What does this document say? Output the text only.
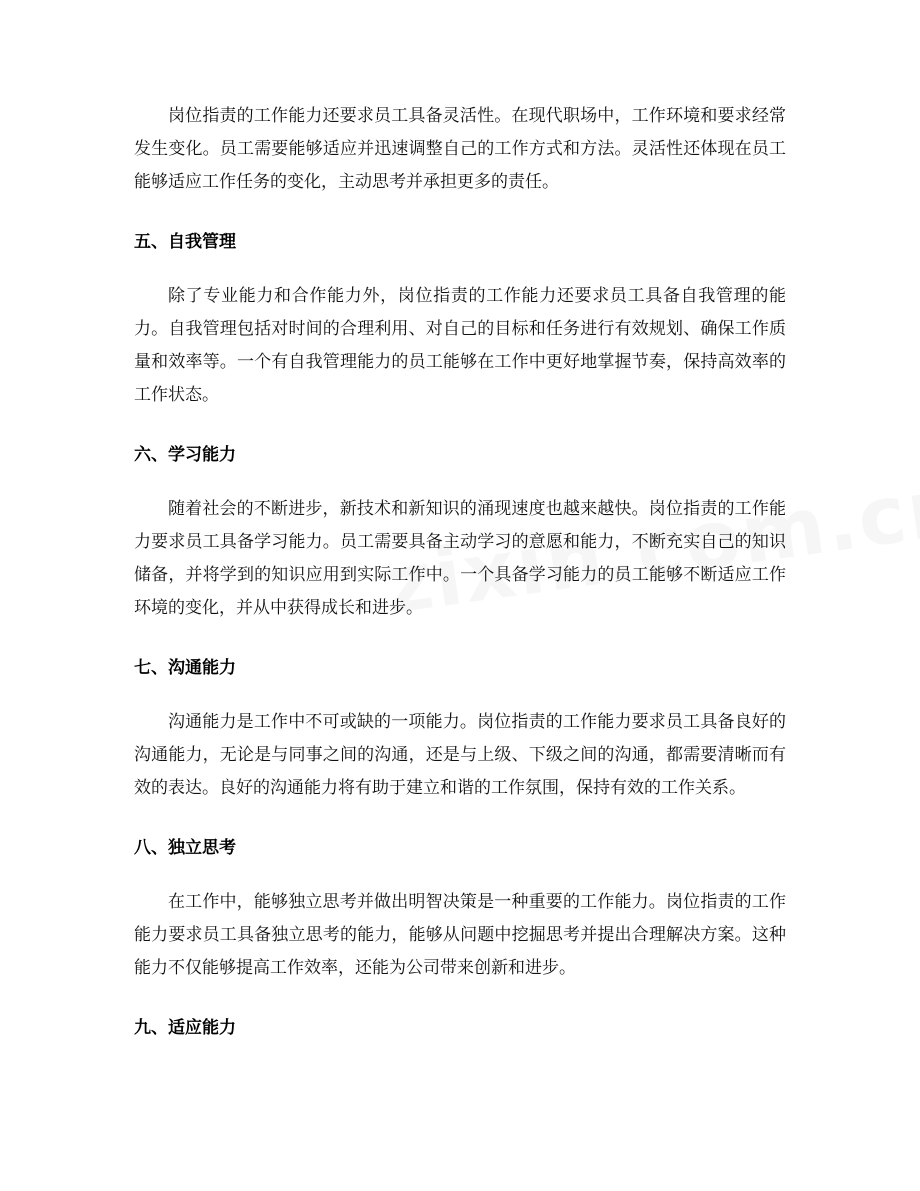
岗位指责的工作能力还要求员工具备灵活性。在现代职场中，工作环境和要求经常发生变化。员工需要能够适应并迅速调整自己的工作方式和方法。灵活性还体现在员工能够适应工作任务的变化，主动思考并承担更多的责任。

五、自我管理

除了专业能力和合作能力外，岗位指责的工作能力还要求员工具备自我管理的能力。自我管理包括对时间的合理利用、对自己的目标和任务进行有效规划、确保工作质量和效率等。一个有自我管理能力的员工能够在工作中更好地掌握节奏，保持高效率的工作状态。

六、学习能力

随着社会的不断进步，新技术和新知识的涌现速度也越来越快。岗位指责的工作能力要求员工具备学习能力。员工需要具备主动学习的意愿和能力，不断充实自己的知识储备，并将学到的知识应用到实际工作中。一个具备学习能力的员工能够不断适应工作环境的变化，并从中获得成长和进步。

七、沟通能力

沟通能力是工作中不可或缺的一项能力。岗位指责的工作能力要求员工具备良好的沟通能力，无论是与同事之间的沟通，还是与上级、下级之间的沟通，都需要清晰而有效的表达。良好的沟通能力将有助于建立和谐的工作氛围，保持有效的工作关系。

八、独立思考

在工作中，能够独立思考并做出明智决策是一种重要的工作能力。岗位指责的工作能力要求员工具备独立思考的能力，能够从问题中挖掘思考并提出合理解决方案。这种能力不仅能够提高工作效率，还能为公司带来创新和进步。

九、适应能力
